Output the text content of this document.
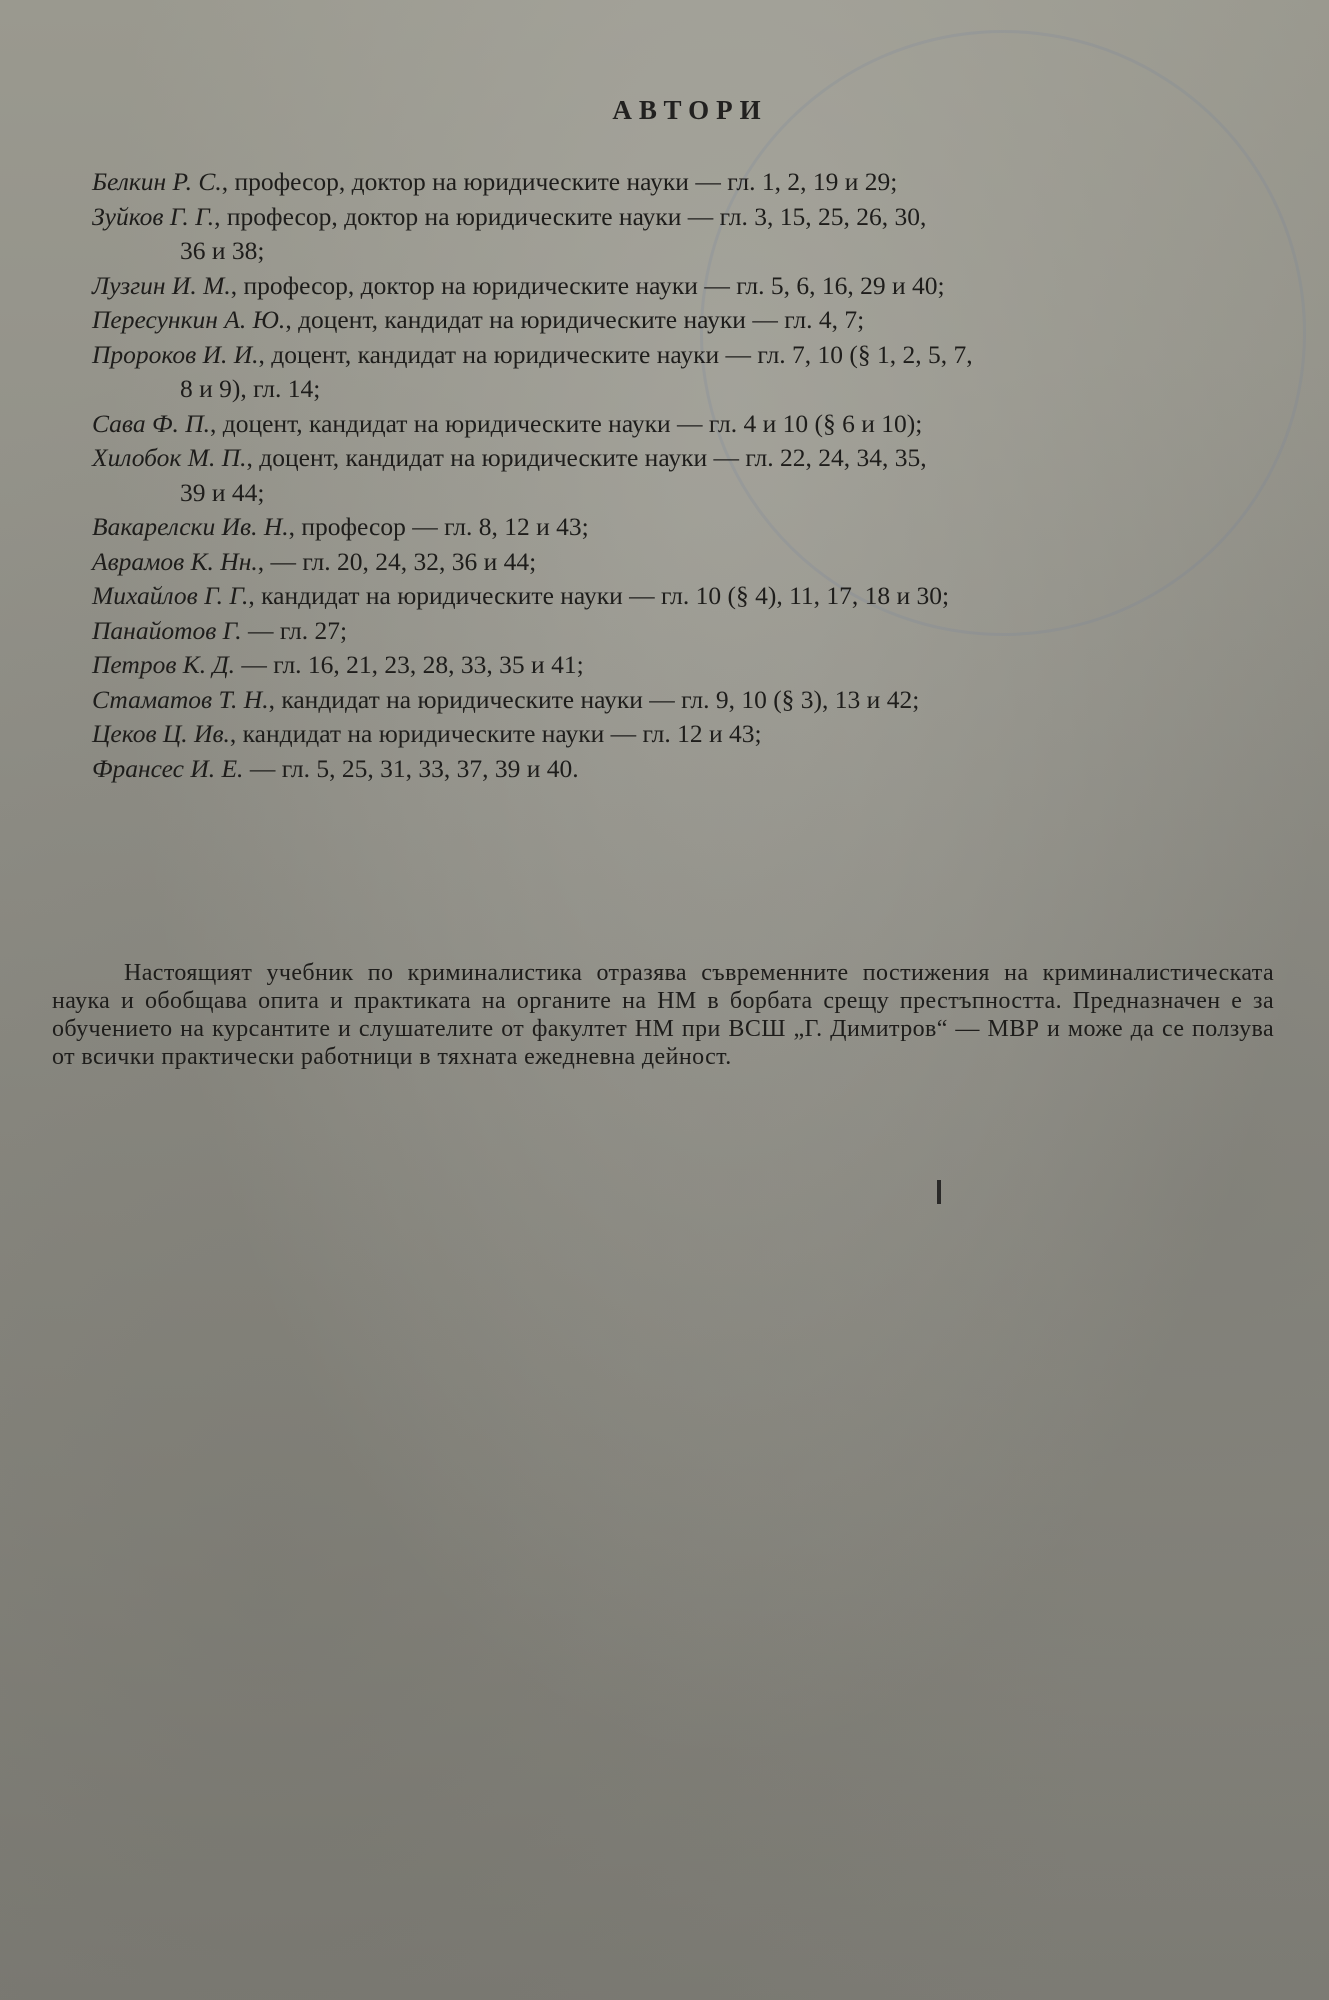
АВТОРИ

Белкин Р. С., професор, доктор на юридическите науки — гл. 1, 2, 19 и 29;

Зуйков Г. Г., професор, доктор на юридическите науки — гл. 3, 15, 25, 26, 30,
36 и 38;

Лузгин И. М., професор, доктор на юридическите науки — гл. 5, 6, 16, 29 и 40;

Пересункин А. Ю., доцент, кандидат на юридическите науки — гл. 4, 7;

Пророков И. И., доцент, кандидат на юридическите науки — гл. 7, 10 (§ 1, 2, 5, 7,
8 и 9), гл. 14;

Сава Ф. П., доцент, кандидат на юридическите науки — гл. 4 и 10 (§ 6 и 10);

Хилобок М. П., доцент, кандидат на юридическите науки — гл. 22, 24, 34, 35,
39 и 44;

Вакарелски Ив. Н., професор — гл. 8, 12 и 43;

Аврамов К. Нн., — гл. 20, 24, 32, 36 и 44;

Михайлов Г. Г., кандидат на юридическите науки — гл. 10 (§ 4), 11, 17, 18 и 30;

Панайотов Г. — гл. 27;

Петров К. Д. — гл. 16, 21, 23, 28, 33, 35 и 41;

Стаматов Т. Н., кандидат на юридическите науки — гл. 9, 10 (§ 3), 13 и 42;

Цеков Ц. Ив., кандидат на юридическите науки — гл. 12 и 43;

Франсес И. Е. — гл. 5, 25, 31, 33, 37, 39 и 40.

Настоящият учебник по криминалистика отразява съвременните постижения на криминалистическата наука и обобщава опита и практиката на органите на НМ в борбата срещу престъпността. Предназначен е за обучението на курсантите и слушателите от факултет НМ при ВСШ „Г. Димитров“ — МВР и може да се ползува от всички практически работници в тяхната ежедневна дейност.
